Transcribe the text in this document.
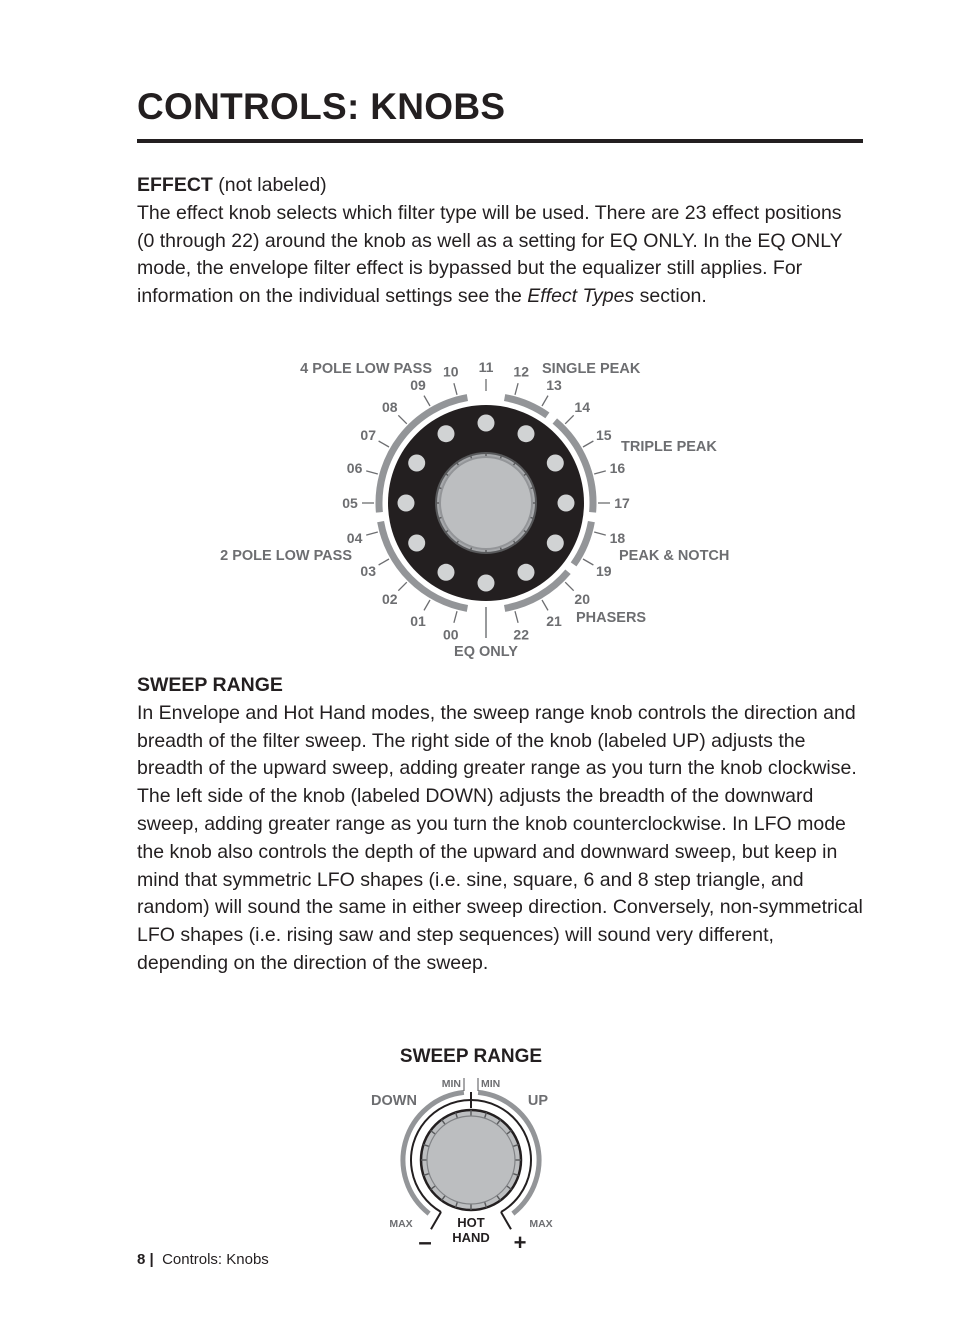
CONTROLS: KNOBS

EFFECT (not labeled)
The effect knob selects which filter type will be used. There are 23 effect positions (0 through 22) around the knob as well as a setting for EQ ONLY. In the EQ ONLY mode, the envelope filter effect is bypassed but the equalizer still applies. For information on the individual settings see the Effect Types section.

SWEEP RANGE
In Envelope and Hot Hand modes, the sweep range knob controls the direction and breadth of the filter sweep. The right side of the knob (labeled UP) adjusts the breadth of the upward sweep, adding greater range as you turn the knob clockwise. The left side of the knob (labeled DOWN) adjusts the breadth of the downward sweep, adding greater range as you turn the knob counterclockwise. In LFO mode the knob also controls the depth of the upward and downward sweep, but keep in mind that symmetric LFO shapes (i.e. sine, square, 6 and 8 step triangle, and random) will sound the same in either sweep direction. Conversely, non-symmetrical LFO shapes (i.e. rising saw and step sequences) will sound very different, depending on the direction of the sweep.

00
01
02
03
04
05
06
07
08
09
10 11 12
13
14
15
16
17
18
19
20
21
22
EQ ONLY
2 POLE LOW PASS
4 POLE LOW PASS	SINGLE PEAK
TRIPLE PEAK
PEAK & NOTCH
PHASERS
SWEEP RANGE
MIN MIN
DOWN	UP
MAX	MAX
HOT
HAND
–	+
8 | Controls: Knobs
